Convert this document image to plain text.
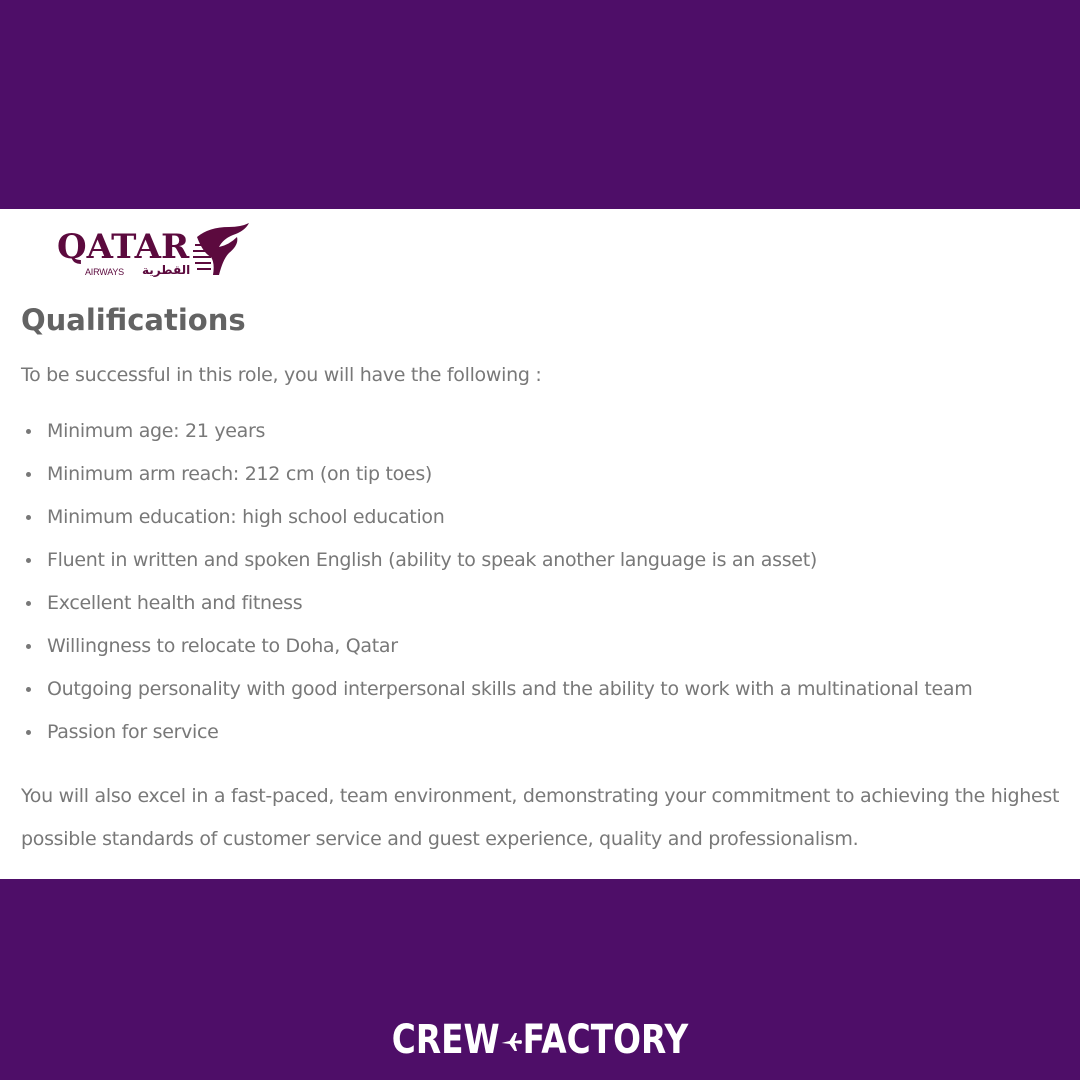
QATAR
AIRWAYS القطرية
Qualifications
To be successful in this role, you will have the following :
Minimum age: 21 years
Minimum arm reach: 212 cm (on tip toes)
Minimum education: high school education
Fluent in written and spoken English (ability to speak another language is an asset)
Excellent health and fitness
Willingness to relocate to Doha, Qatar
Outgoing personality with good interpersonal skills and the ability to work with a multinational team
Passion for service
You will also excel in a fast-paced, team environment, demonstrating your commitment to achieving the highest possible standards of customer service and guest experience, quality and professionalism.
CREW FACTORY
